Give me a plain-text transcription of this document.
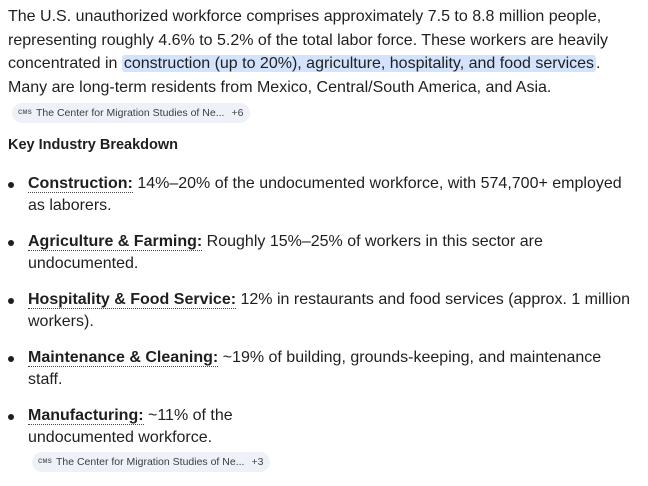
The U.S. unauthorized workforce comprises approximately 7.5 to 8.8 million people, representing roughly 4.6% to 5.2% of the total labor force. These workers are heavily concentrated in construction (up to 20%), agriculture, hospitality, and food services . Many are long-term residents from Mexico, Central/South America, and Asia.
CMS The Center for Migration Studies of Ne... +6

Key Industry Breakdown
Construction: 14%–20% of the undocumented workforce, with 574,700+ employed as laborers.
Agriculture & Farming: Roughly 15%–25% of workers in this sector are undocumented.
Hospitality & Food Service: 12% in restaurants and food services (approx. 1 million workers).
Maintenance & Cleaning: ~19% of building, grounds-keeping, and maintenance staff.
Manufacturing: ~11% of the undocumented workforce.
CMS The Center for Migration Studies of Ne... +3
